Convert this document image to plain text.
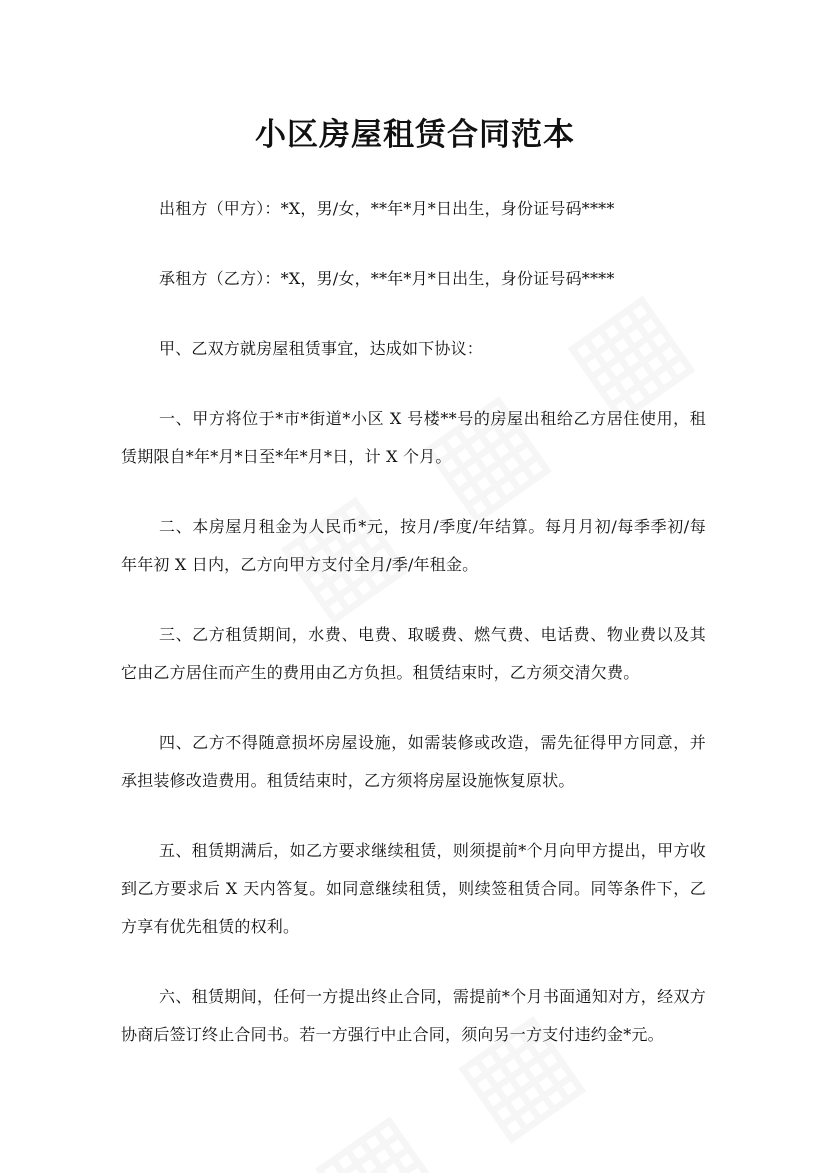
小区房屋租赁合同范本

出租方（甲方）：*X，男/女，**年*月*日出生，身份证号码****

承租方（乙方）：*X，男/女，**年*月*日出生，身份证号码****

甲、乙双方就房屋租赁事宜，达成如下协议：

一、甲方将位于*市*街道*小区 X 号楼**号的房屋出租给乙方居住使用，租赁期限自*年*月*日至*年*月*日，计 X 个月。

二、本房屋月租金为人民币*元，按月/季度/年结算。每月月初/每季季初/每年年初 X 日内，乙方向甲方支付全月/季/年租金。

三、乙方租赁期间，水费、电费、取暖费、燃气费、电话费、物业费以及其它由乙方居住而产生的费用由乙方负担。租赁结束时，乙方须交清欠费。

四、乙方不得随意损坏房屋设施，如需装修或改造，需先征得甲方同意，并承担装修改造费用。租赁结束时，乙方须将房屋设施恢复原状。

五、租赁期满后，如乙方要求继续租赁，则须提前*个月向甲方提出，甲方收到乙方要求后 X 天内答复。如同意继续租赁，则续签租赁合同。同等条件下，乙方享有优先租赁的权利。

六、租赁期间，任何一方提出终止合同，需提前*个月书面通知对方，经双方协商后签订终止合同书。若一方强行中止合同，须向另一方支付违约金*元。
